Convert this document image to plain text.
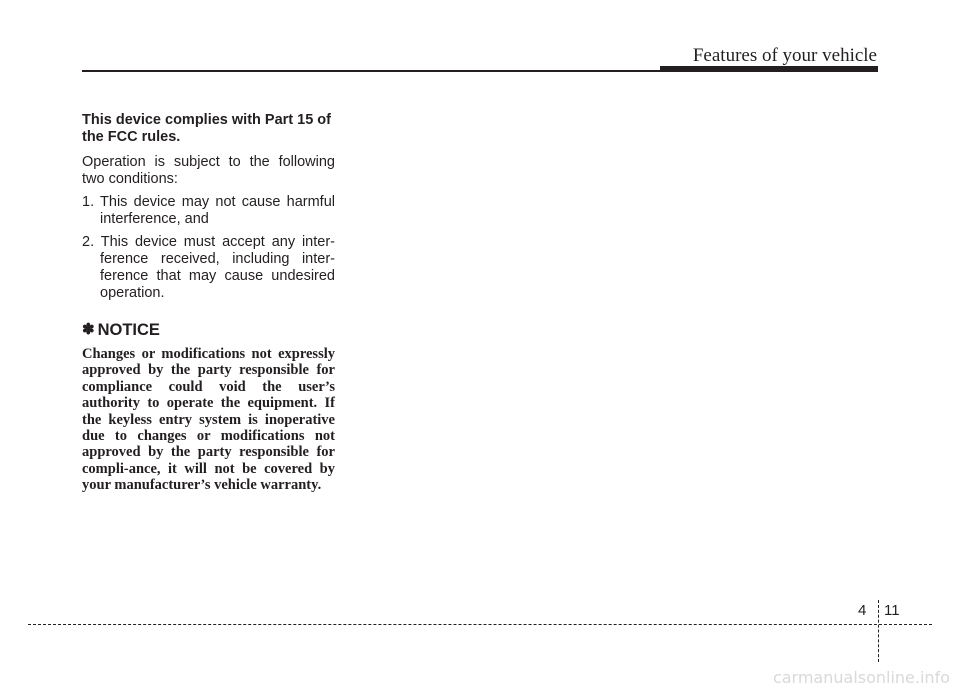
Features of your vehicle

This device complies with Part 15 of the FCC rules.

Operation is subject to the following two conditions:

1. This device may not cause harmful interference, and
2. This device must accept any inter-ference received, including inter-ference that may cause undesired operation.
✽ NOTICE

Changes or modifications not expressly approved by the party responsible for compliance could void the user’s authority to operate the equipment. If the keyless entry system is inoperative due to changes or modifications not approved by the party responsible for compli-ance, it will not be covered by your manufacturer’s vehicle warranty.

4 11
carmanualsonline.info
